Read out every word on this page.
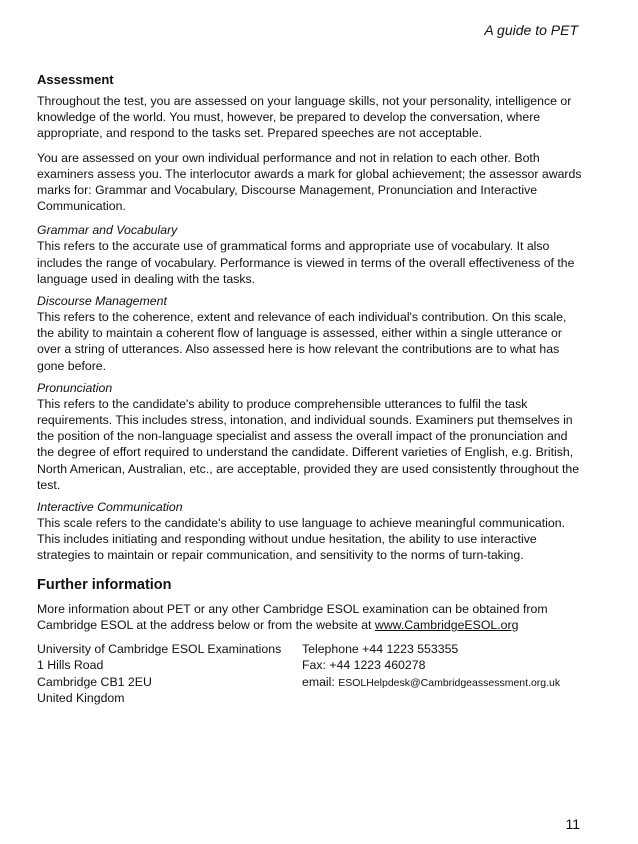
A guide to PET

Assessment

Throughout the test, you are assessed on your language skills, not your personality, intelligence or knowledge of the world. You must, however, be prepared to develop the conversation, where appropriate, and respond to the tasks set. Prepared speeches are not acceptable.

You are assessed on your own individual performance and not in relation to each other. Both examiners assess you. The interlocutor awards a mark for global achievement; the assessor awards marks for: Grammar and Vocabulary, Discourse Management, Pronunciation and Interactive Communication.

Grammar and Vocabulary

This refers to the accurate use of grammatical forms and appropriate use of vocabulary. It also includes the range of vocabulary. Performance is viewed in terms of the overall effectiveness of the language used in dealing with the tasks.

Discourse Management

This refers to the coherence, extent and relevance of each individual's contribution. On this scale, the ability to maintain a coherent flow of language is assessed, either within a single utterance or over a string of utterances. Also assessed here is how relevant the contributions are to what has gone before.

Pronunciation

This refers to the candidate's ability to produce comprehensible utterances to fulfil the task requirements. This includes stress, intonation, and individual sounds. Examiners put themselves in the position of the non-language specialist and assess the overall impact of the pronunciation and the degree of effort required to understand the candidate. Different varieties of English, e.g. British, North American, Australian, etc., are acceptable, provided they are used consistently throughout the test.

Interactive Communication

This scale refers to the candidate's ability to use language to achieve meaningful communication. This includes initiating and responding without undue hesitation, the ability to use interactive strategies to maintain or repair communication, and sensitivity to the norms of turn-taking.

Further information

More information about PET or any other Cambridge ESOL examination can be obtained from Cambridge ESOL at the address below or from the website at www.CambridgeESOL.org

University of Cambridge ESOL Examinations
1 Hills Road
Cambridge CB1 2EU
United Kingdom
Telephone +44 1223 553355
Fax: +44 1223 460278
email: ESOLHelpdesk@Cambridgeassessment.org.uk

11
